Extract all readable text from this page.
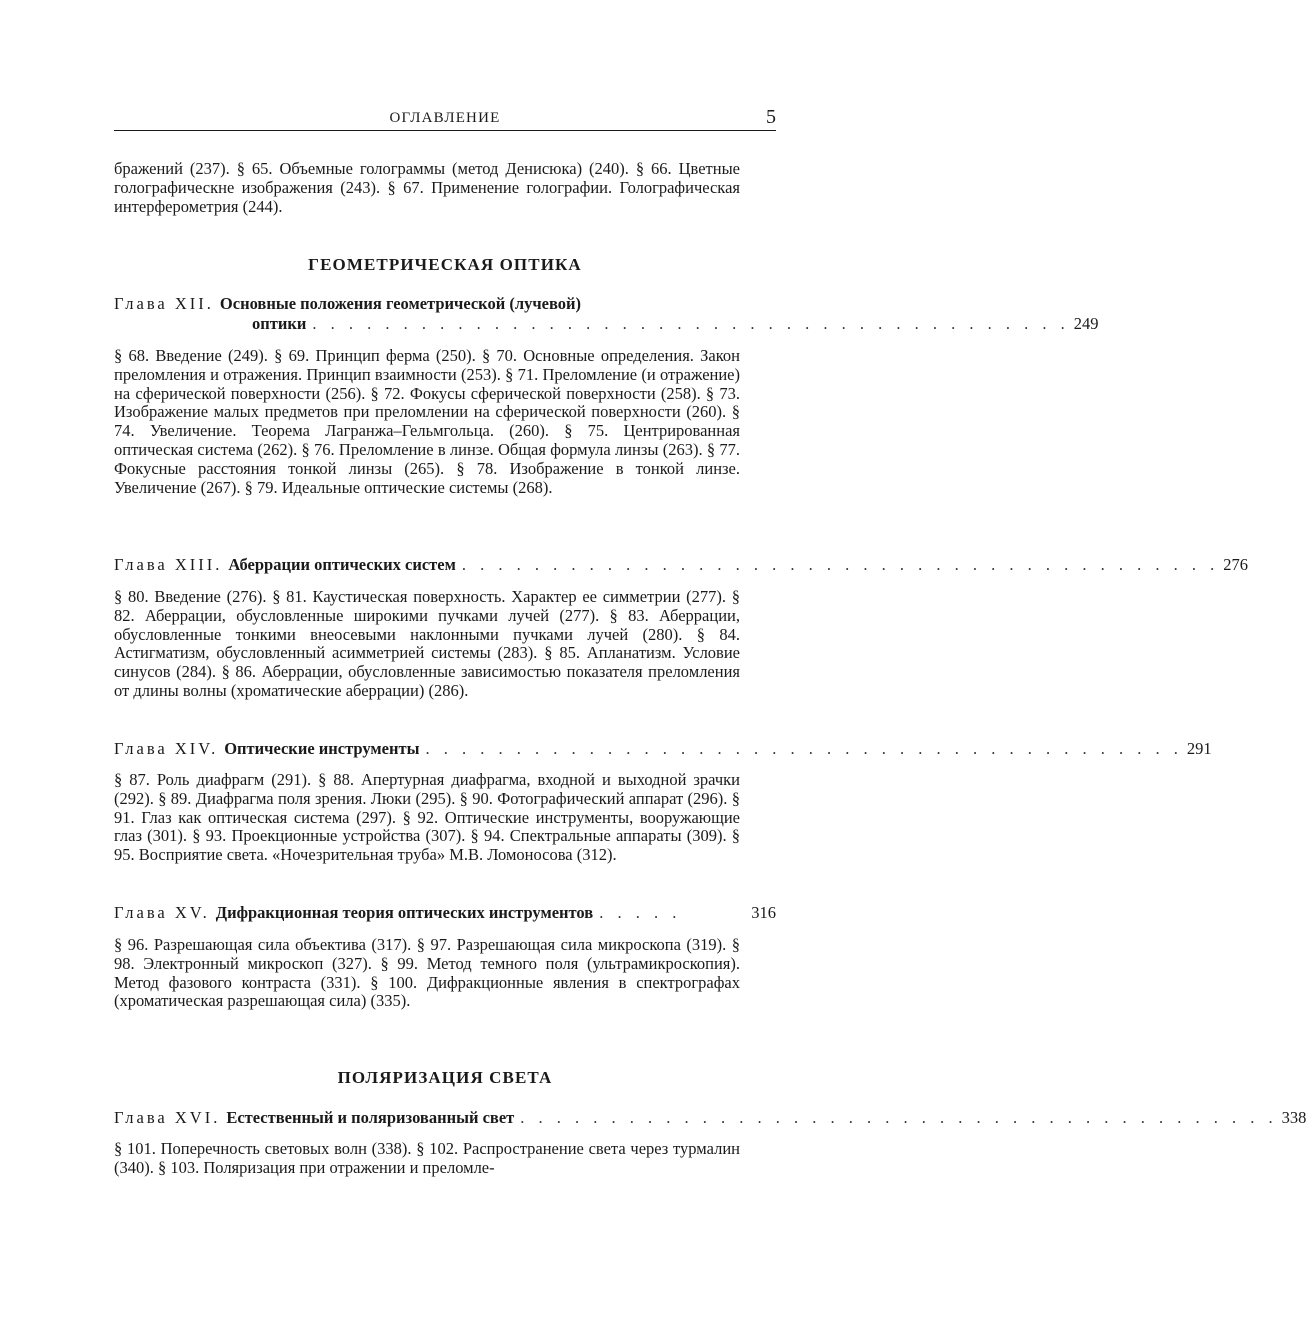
ОГЛАВЛЕНИЕ	5

бражений (237). § 65. Объемные голограммы (метод Денисюка) (240). § 66. Цветные голографическне изображения (243). § 67. Применение голографии. Голографическая интерферометрия (244).

ГЕОМЕТРИЧЕСКАЯ ОПТИКА
Глава XII. Основные положения геометрической (лучевой)
оптики . . . . . . . . . . . . . . . . . . . . . . . . . . . . . . . . . . . . . . . . . . 249

§ 68. Введение (249). § 69. Принцип ферма (250). § 70. Основные определения. Закон преломления и отражения. Принцип взаимности (253). § 71. Преломление (и отражение) на сферической поверхности (256). § 72. Фокусы сферической поверхности (258). § 73. Изображение малых предметов при преломлении на сферической поверхности (260). § 74. Увеличение. Теорема Лагранжа–Гельмгольца. (260). § 75. Центрированная оптическая система (262). § 76. Преломление в линзе. Общая формула линзы (263). § 77. Фокусные расстояния тонкой линзы (265). § 78. Изображение в тонкой линзе. Увеличение (267). § 79. Идеальные оптические системы (268).

Глава XIII. Аберрации оптических систем . . . . . . . . . . . . . . . . . . . . . . . . . . . . . . . . . . . . . . . . . . 276

§ 80. Введение (276). § 81. Каустическая поверхность. Характер ее симметрии (277). § 82. Аберрации, обусловленные широкими пучками лучей (277). § 83. Аберрации, обусловленные тонкими внеосевыми наклонными пучками лучей (280). § 84. Астигматизм, обусловленный асимметрией системы (283). § 85. Апланатизм. Условие синусов (284). § 86. Аберрации, обусловленные зависимостью показателя преломления от длины волны (хроматические аберрации) (286).

Глава XIV. Оптические инструменты . . . . . . . . . . . . . . . . . . . . . . . . . . . . . . . . . . . . . . . . . . 291

§ 87. Роль диафрагм (291). § 88. Апертурная диафрагма, входной и выходной зрачки (292). § 89. Диафрагма поля зрения. Люки (295). § 90. Фотографический аппарат (296). § 91. Глаз как оптическая система (297). § 92. Оптические инструменты, вооружающие глаз (301). § 93. Проекционные устройства (307). § 94. Спектральные аппараты (309). § 95. Восприятие света. «Ночезрительная труба» М.В. Ломоносова (312).

Глава XV. Дифракционная теория оптических инструментов . . . . .	316

§ 96. Разрешающая сила объектива (317). § 97. Разрешающая сила микроскопа (319). § 98. Электронный микроскоп (327). § 99. Метод темного поля (ультрамикроскопия). Метод фазового контраста (331). § 100. Дифракционные явления в спектрографах (хроматическая разрешающая сила) (335).

ПОЛЯРИЗАЦИЯ СВЕТА
Глава XVI. Естественный и поляризованный свет . . . . . . . . . . . . . . . . . . . . . . . . . . . . . . . . . . . . . . . . . . 338

§ 101. Поперечность световых волн (338). § 102. Распространение света через турмалин (340). § 103. Поляризация при отражении и преломле-
